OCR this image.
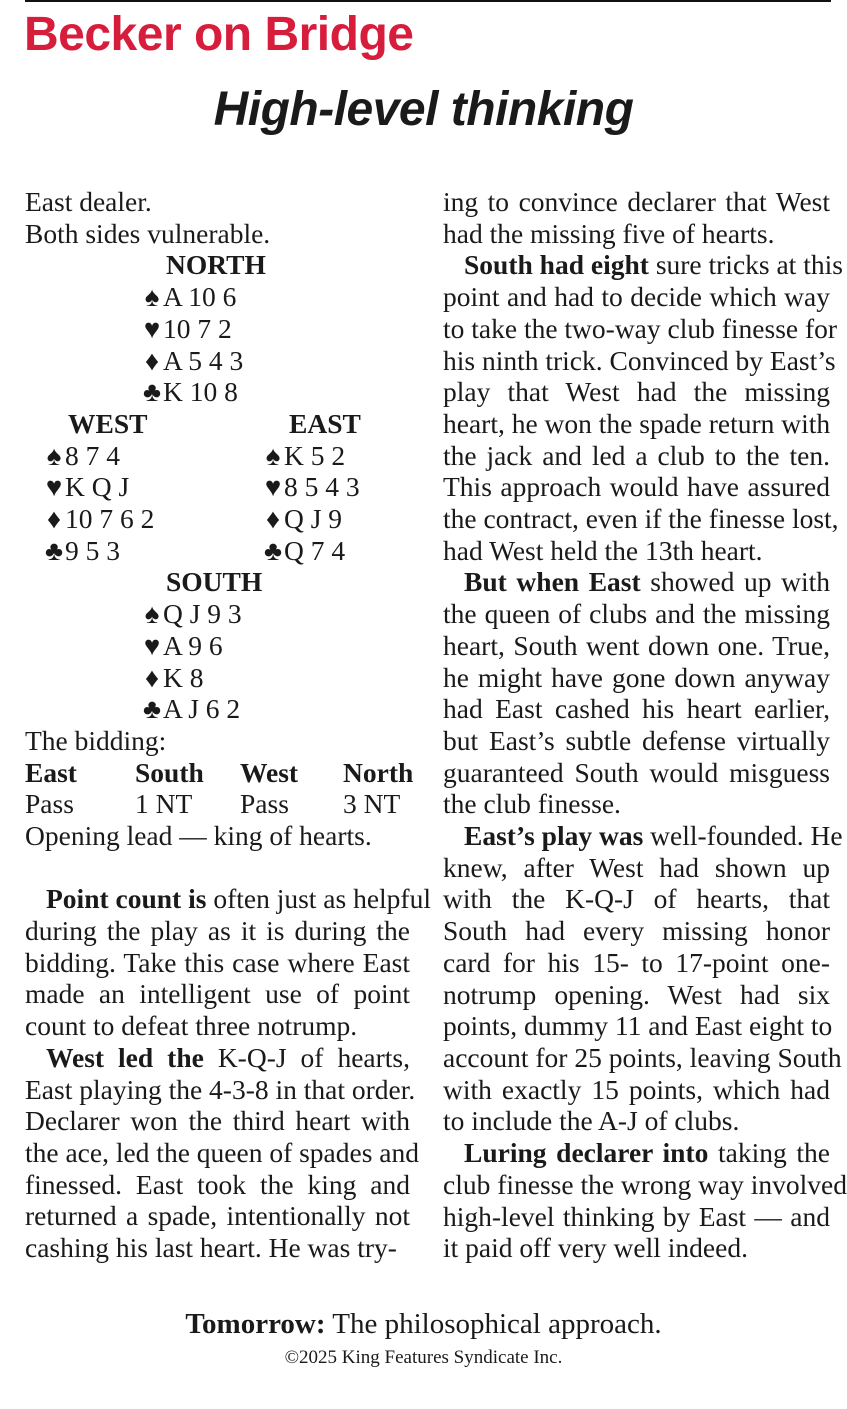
Becker on Bridge
High-level thinking
East dealer.
Both sides vulnerable.
NORTH
♠ A 10 6
♥ 10 7 2
♦ A 5 4 3
♣K 10 8
WEST
♠ 8 7 4
♥ K Q J
♦ 10 7 6 2
♣9 5 3
EAST
♠ K 5 2
♥ 8 5 4 3
♦ Q J 9
♣Q 7 4
SOUTH
♠ Q J 9 3
♥ A 9 6
♦ K 8
♣A J 6 2
The bidding:
East South West North
Pass 1 NT Pass 3 NT
Opening lead — king of hearts.
Point count is often just as helpful
during the play as it is during the
bidding. Take this case where East
made an intelligent use of point
count to defeat three notrump.
West led the K-Q-J of hearts,
East playing the 4-3-8 in that order.
Declarer won the third heart with
the ace, led the queen of spades and
finessed. East took the king and
returned a spade, intentionally not
cashing his last heart. He was try-
ing to convince declarer that West
had the missing five of hearts.
South had eight sure tricks at this
point and had to decide which way
to take the two-way club finesse for
his ninth trick. Convinced by East’s
play that West had the missing
heart, he won the spade return with
the jack and led a club to the ten.
This approach would have assured
the contract, even if the finesse lost,
had West held the 13th heart.
But when East showed up with
the queen of clubs and the missing
heart, South went down one. True,
he might have gone down anyway
had East cashed his heart earlier,
but East’s subtle defense virtually
guaranteed South would misguess
the club finesse.
East’s play was well-founded. He
knew, after West had shown up
with the K-Q-J of hearts, that
South had every missing honor
card for his 15- to 17-point one-
notrump opening. West had six
points, dummy 11 and East eight to
account for 25 points, leaving South
with exactly 15 points, which had
to include the A-J of clubs.
Luring declarer into taking the
club finesse the wrong way involved
high-level thinking by East — and
it paid off very well indeed.
Tomorrow: The philosophical approach.
©2025 King Features Syndicate Inc.
